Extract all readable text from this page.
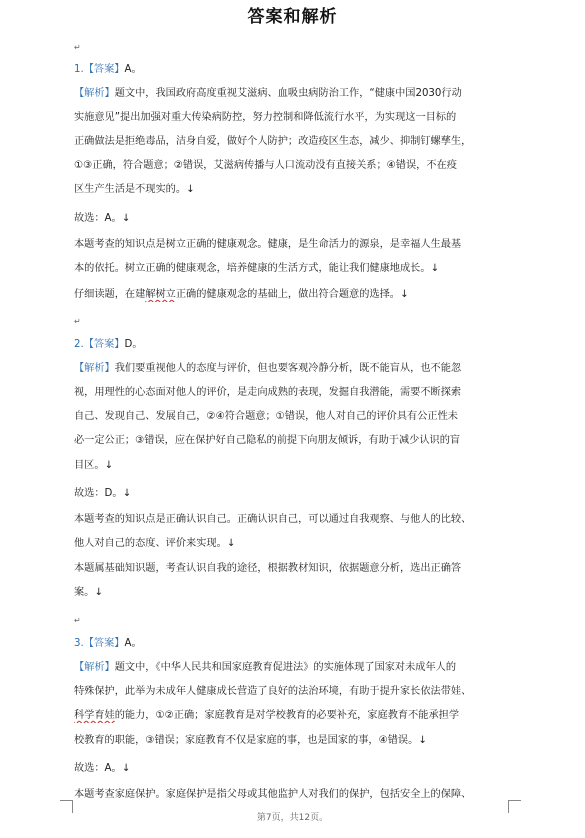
答案和解析
↵
1.【答案】A。
【解析】题文中，我国政府高度重视艾滋病、血吸虫病防治工作，“健康中国2030行动
实施意见”提出加强对重大传染病防控，努力控制和降低流行水平，为实现这一目标的
正确做法是拒绝毒品，洁身自爱，做好个人防护；改造疫区生态，减少、抑制钉螺孳生，
①③正确，符合题意；②错误，艾滋病传播与人口流动没有直接关系；④错误，不在疫
区生产生活是不现实的。↓
故选：A。↓
本题考查的知识点是树立正确的健康观念。健康，是生命活力的源泉，是幸福人生最基
本的依托。树立正确的健康观念，培养健康的生活方式，能让我们健康地成长。↓
仔细读题，在建解树立正确的健康观念的基础上，做出符合题意的选择。↓
↵
2.【答案】D。
【解析】我们要重视他人的态度与评价，但也要客观冷静分析，既不能盲从，也不能忽
视，用理性的心态面对他人的评价，是走向成熟的表现，发掘自我潜能，需要不断探索
自己、发现自己、发展自己，②④符合题意；①错误，他人对自己的评价具有公正性未
必一定公正；③错误，应在保护好自己隐私的前提下向朋友倾诉，有助于减少认识的盲
目区。↓
故选：D。↓
本题考查的知识点是正确认识自己。正确认识自己，可以通过自我观察、与他人的比较、
他人对自己的态度、评价来实现。↓
本题属基础知识题，考查认识自我的途径，根据教材知识，依据题意分析，选出正确答
案。↓
↵
3.【答案】A。
【解析】题文中，《中华人民共和国家庭教育促进法》的实施体现了国家对未成年人的
特殊保护，此举为未成年人健康成长营造了良好的法治环境，有助于提升家长依法带娃、
科学育娃的能力，①②正确；家庭教育是对学校教育的必要补充，家庭教育不能承担学
校教育的职能，③错误；家庭教育不仅是家庭的事，也是国家的事，④错误。↓
故选：A。↓
本题考查家庭保护。家庭保护是指父母或其他监护人对我们的保护，包括安全上的保障、
第7页，共12页。
